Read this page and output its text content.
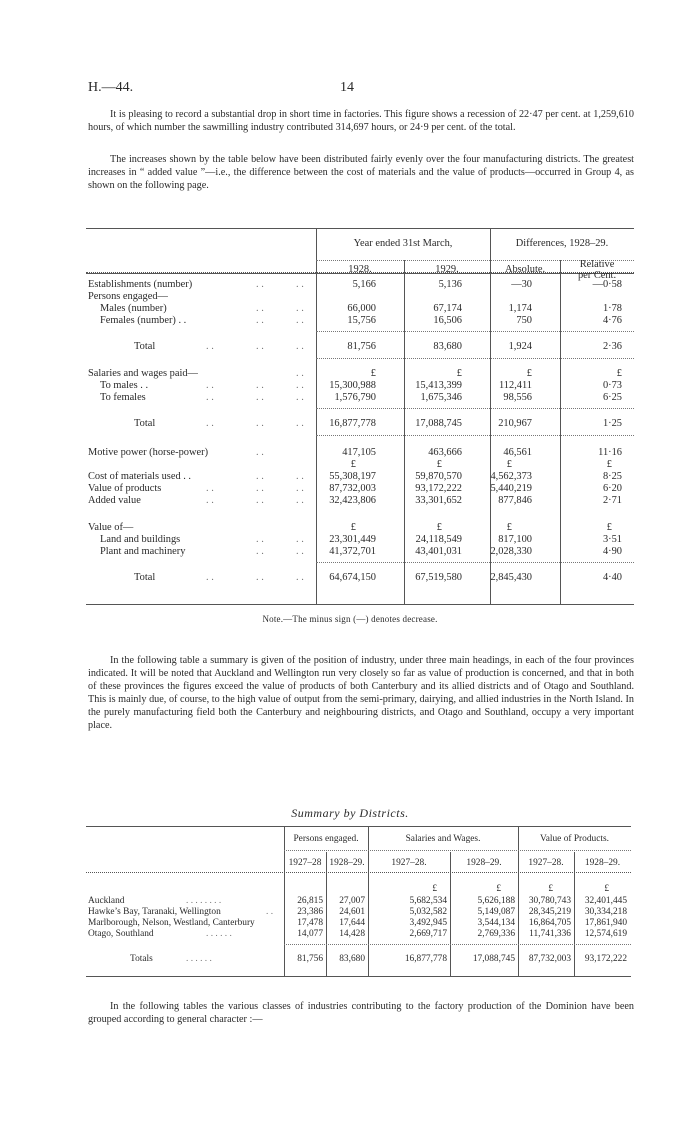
H.—44.	14

It is pleasing to record a substantial drop in short time in factories. This figure shows a recession of 22·47 per cent. at 1,259,610 hours, of which number the sawmilling industry contributed 314,697 hours, or 24·9 per cent. of the total.

The increases shown by the table below have been distributed fairly evenly over the four manufacturing districts. The greatest increases in “ added value ”—i.e., the difference between the cost of materials and the value of products—occurred in Group 4, as shown on the following page.

Year ended 31st March,	Differences, 1928–29.
1928.	1929.	Absolute.	Relative
per Cent.
Establishments (number)	. .	. .	5,166	5,136	—30	—0·58
Persons engaged—
Males (number)	. .	. .	66,000	67,174	1,174	1·78
Females (number) . .	. .	. .	15,756	16,506	750	4·76
Total	. .	. .	. .	81,756	83,680	1,924	2·36
Salaries and wages paid—	. .	£	£	£	£
To males . .	. .	. .	. . 15,300,988	15,413,399	112,411	0·73
To females	. .	. .	. .	1,576,790	1,675,346	98,556	6·25
Total	. .	. .	. . 16,877,778	17,088,745	210,967	1·25
Motive power (horse-power)	. .	417,105	463,666	46,561	11·16
£	£	£	£
Cost of materials used . .	. .	. . 55,308,197	59,870,570	4,562,373	8·25
Value of products	. .	. .	. . 87,732,003	93,172,222	5,440,219	6·20
Added value	. .	. .	. . 32,423,806	33,301,652	877,846	2·71
Value of—	£	£	£	£
Land and buildings	. .	. . 23,301,449	24,118,549	817,100	3·51
Plant and machinery	. .	. . 41,372,701	43,401,031	2,028,330	4·90
Total	. .	. .	. . 64,674,150	67,519,580	2,845,430	4·40
Note.—The minus sign (—) denotes decrease.

In the following table a summary is given of the position of industry, under three main headings, in each of the four provinces indicated. It will be noted that Auckland and Wellington run very closely so far as value of production is concerned, and that in both of these provinces the figures exceed the value of products of both Canterbury and its allied districts and of Otago and Southland. This is mainly due, of course, to the high value of output from the semi-primary, dairying, and allied industries in the North Island. In the purely manufacturing field both the Canterbury and neighbouring districts, and Otago and Southland, occupy a very important place.

Summary by Districts.
Persons engaged.	Salaries and Wages.	Value of Products.
1927–28 1928–29.	1927–28.	1928–29.	1927–28.	1928–29.
£	£	£	£
Auckland	. . . . . . . .	26,815 27,007	5,682,534	5,626,188 30,780,743 32,401,445
Hawke’s Bay, Taranaki, Wellington	. .	23,386 24,601	5,032,582	5,149,087 28,345,219 30,334,218
Marlborough, Nelson, Westland, Canterbury	17,478 17,644	3,492,945	3,544,134 16,864,705 17,861,940
Otago, Southland	. . . . . .	14,077 14,428	2,669,717	2,769,336 11,741,336 12,574,619
Totals	. . . . . .	81,756 83,680	16,877,778	17,088,745 87,732,003 93,172,222

In the following tables the various classes of industries contributing to the factory production of the Dominion have been grouped according to general character :—
